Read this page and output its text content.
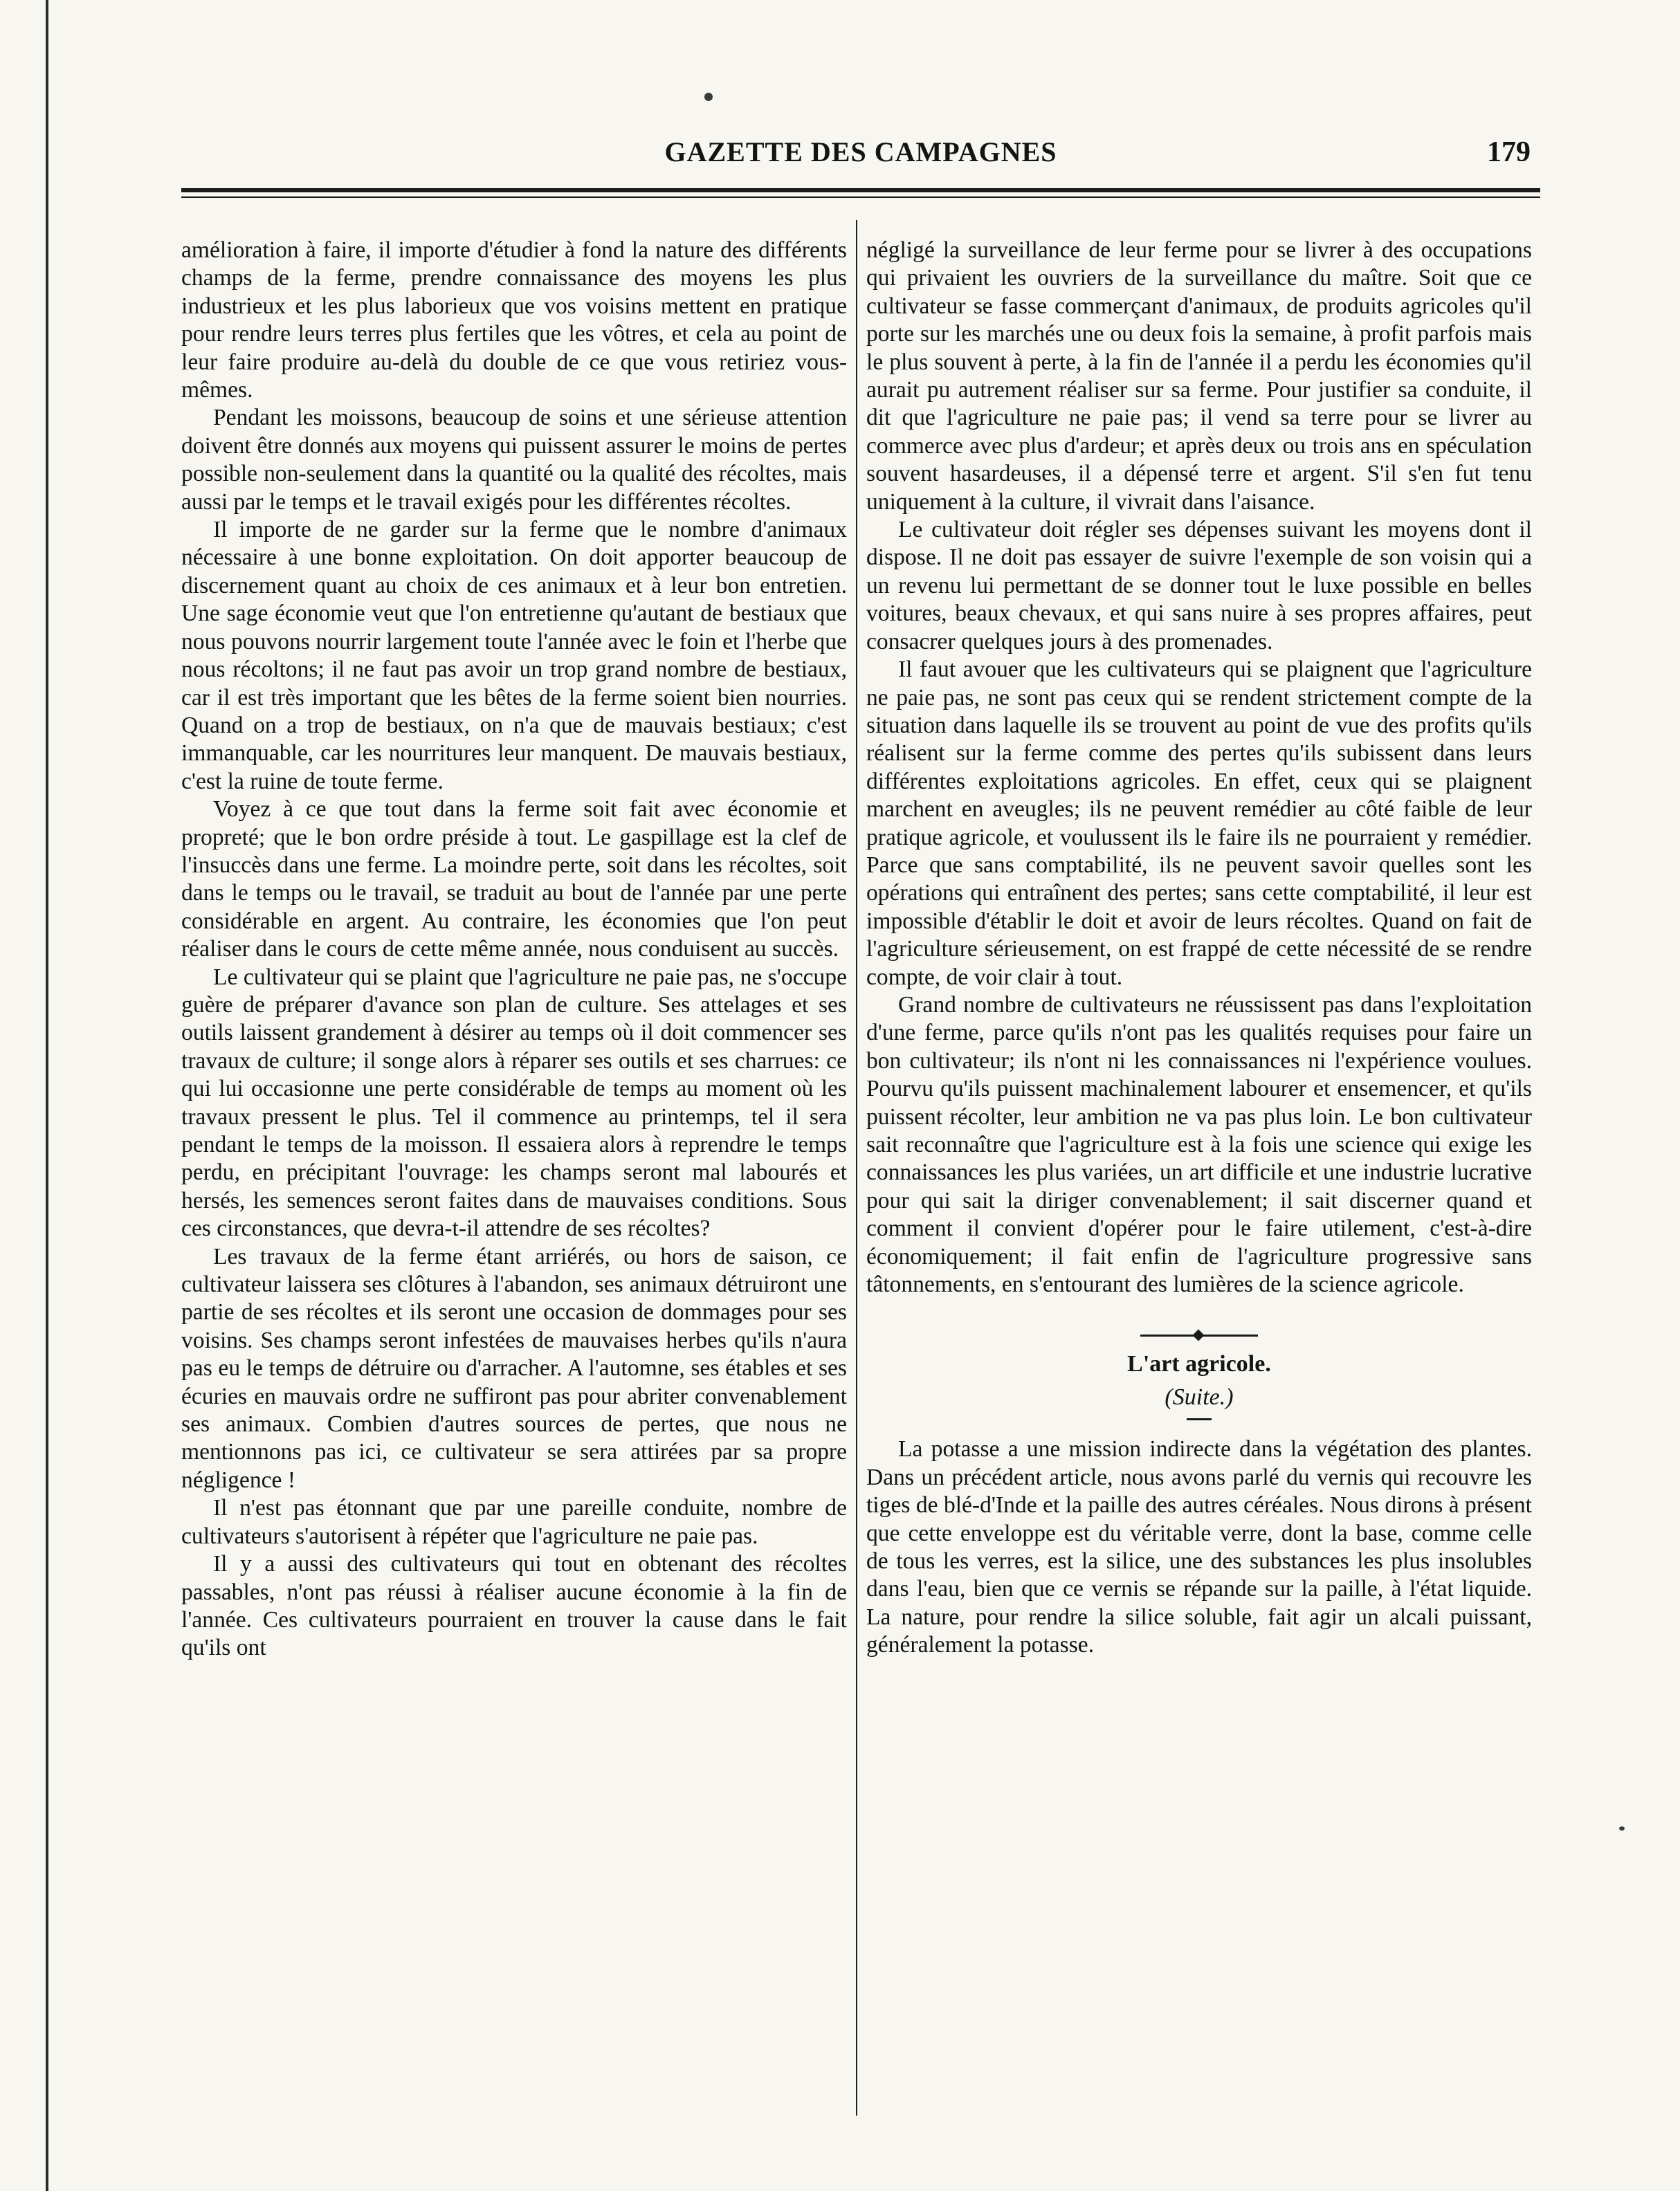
GAZETTE DES CAMPAGNES	179

amélioration à faire, il importe d'étudier à fond la nature des différents champs de la ferme, prendre connaissance des moyens les plus industrieux et les plus laborieux que vos voisins mettent en pratique pour rendre leurs terres plus fertiles que les vôtres, et cela au point de leur faire produire au-delà du double de ce que vous retiriez vous-mêmes.

Pendant les moissons, beaucoup de soins et une sérieuse attention doivent être donnés aux moyens qui puissent assurer le moins de pertes possible non-seulement dans la quantité ou la qualité des récoltes, mais aussi par le temps et le travail exigés pour les différentes récoltes.

Il importe de ne garder sur la ferme que le nombre d'animaux nécessaire à une bonne exploitation. On doit apporter beaucoup de discernement quant au choix de ces animaux et à leur bon entretien. Une sage économie veut que l'on entretienne qu'autant de bestiaux que nous pouvons nourrir largement toute l'année avec le foin et l'herbe que nous récoltons; il ne faut pas avoir un trop grand nombre de bestiaux, car il est très important que les bêtes de la ferme soient bien nourries. Quand on a trop de bestiaux, on n'a que de mauvais bestiaux; c'est immanquable, car les nourritures leur manquent. De mauvais bestiaux, c'est la ruine de toute ferme.

Voyez à ce que tout dans la ferme soit fait avec économie et propreté; que le bon ordre préside à tout. Le gaspillage est la clef de l'insuccès dans une ferme. La moindre perte, soit dans les récoltes, soit dans le temps ou le travail, se traduit au bout de l'année par une perte considérable en argent. Au contraire, les économies que l'on peut réaliser dans le cours de cette même année, nous conduisent au succès.

Le cultivateur qui se plaint que l'agriculture ne paie pas, ne s'occupe guère de préparer d'avance son plan de culture. Ses attelages et ses outils laissent grandement à désirer au temps où il doit commencer ses travaux de culture; il songe alors à réparer ses outils et ses charrues: ce qui lui occasionne une perte considérable de temps au moment où les travaux pressent le plus. Tel il commence au printemps, tel il sera pendant le temps de la moisson. Il essaiera alors à reprendre le temps perdu, en précipitant l'ouvrage: les champs seront mal labourés et hersés, les semences seront faites dans de mauvaises conditions. Sous ces circonstances, que devra-t-il attendre de ses récoltes?

Les travaux de la ferme étant arriérés, ou hors de saison, ce cultivateur laissera ses clôtures à l'abandon, ses animaux détruiront une partie de ses récoltes et ils seront une occasion de dommages pour ses voisins. Ses champs seront infestées de mauvaises herbes qu'ils n'aura pas eu le temps de détruire ou d'arracher. A l'automne, ses étables et ses écuries en mauvais ordre ne suffiront pas pour abriter convenablement ses animaux. Combien d'autres sources de pertes, que nous ne mentionnons pas ici, ce cultivateur se sera attirées par sa propre négligence !

Il n'est pas étonnant que par une pareille conduite, nombre de cultivateurs s'autorisent à répéter que l'agriculture ne paie pas.

Il y a aussi des cultivateurs qui tout en obtenant des récoltes passables, n'ont pas réussi à réaliser aucune économie à la fin de l'année. Ces cultivateurs pourraient en trouver la cause dans le fait qu'ils ont

négligé la surveillance de leur ferme pour se livrer à des occupations qui privaient les ouvriers de la surveillance du maître. Soit que ce cultivateur se fasse commerçant d'animaux, de produits agricoles qu'il porte sur les marchés une ou deux fois la semaine, à profit parfois mais le plus souvent à perte, à la fin de l'année il a perdu les économies qu'il aurait pu autrement réaliser sur sa ferme. Pour justifier sa conduite, il dit que l'agriculture ne paie pas; il vend sa terre pour se livrer au commerce avec plus d'ardeur; et après deux ou trois ans en spéculation souvent hasardeuses, il a dépensé terre et argent. S'il s'en fut tenu uniquement à la culture, il vivrait dans l'aisance.

Le cultivateur doit régler ses dépenses suivant les moyens dont il dispose. Il ne doit pas essayer de suivre l'exemple de son voisin qui a un revenu lui permettant de se donner tout le luxe possible en belles voitures, beaux chevaux, et qui sans nuire à ses propres affaires, peut consacrer quelques jours à des promenades.

Il faut avouer que les cultivateurs qui se plaignent que l'agriculture ne paie pas, ne sont pas ceux qui se rendent strictement compte de la situation dans laquelle ils se trouvent au point de vue des profits qu'ils réalisent sur la ferme comme des pertes qu'ils subissent dans leurs différentes exploitations agricoles. En effet, ceux qui se plaignent marchent en aveugles; ils ne peuvent remédier au côté faible de leur pratique agricole, et voulussent ils le faire ils ne pourraient y remédier. Parce que sans comptabilité, ils ne peuvent savoir quelles sont les opérations qui entraînent des pertes; sans cette comptabilité, il leur est impossible d'établir le doit et avoir de leurs récoltes. Quand on fait de l'agriculture sérieusement, on est frappé de cette nécessité de se rendre compte, de voir clair à tout.

Grand nombre de cultivateurs ne réussissent pas dans l'exploitation d'une ferme, parce qu'ils n'ont pas les qualités requises pour faire un bon cultivateur; ils n'ont ni les connaissances ni l'expérience voulues. Pourvu qu'ils puissent machinalement labourer et ensemencer, et qu'ils puissent récolter, leur ambition ne va pas plus loin. Le bon cultivateur sait reconnaître que l'agriculture est à la fois une science qui exige les connaissances les plus variées, un art difficile et une industrie lucrative pour qui sait la diriger convenablement; il sait discerner quand et comment il convient d'opérer pour le faire utilement, c'est-à-dire économiquement; il fait enfin de l'agriculture progressive sans tâtonnements, en s'entourant des lumières de la science agricole.

L'art agricole.
(Suite.)

La potasse a une mission indirecte dans la végétation des plantes. Dans un précédent article, nous avons parlé du vernis qui recouvre les tiges de blé-d'Inde et la paille des autres céréales. Nous dirons à présent que cette enveloppe est du véritable verre, dont la base, comme celle de tous les verres, est la silice, une des substances les plus insolubles dans l'eau, bien que ce vernis se répande sur la paille, à l'état liquide. La nature, pour rendre la silice soluble, fait agir un alcali puissant, généralement la potasse.
